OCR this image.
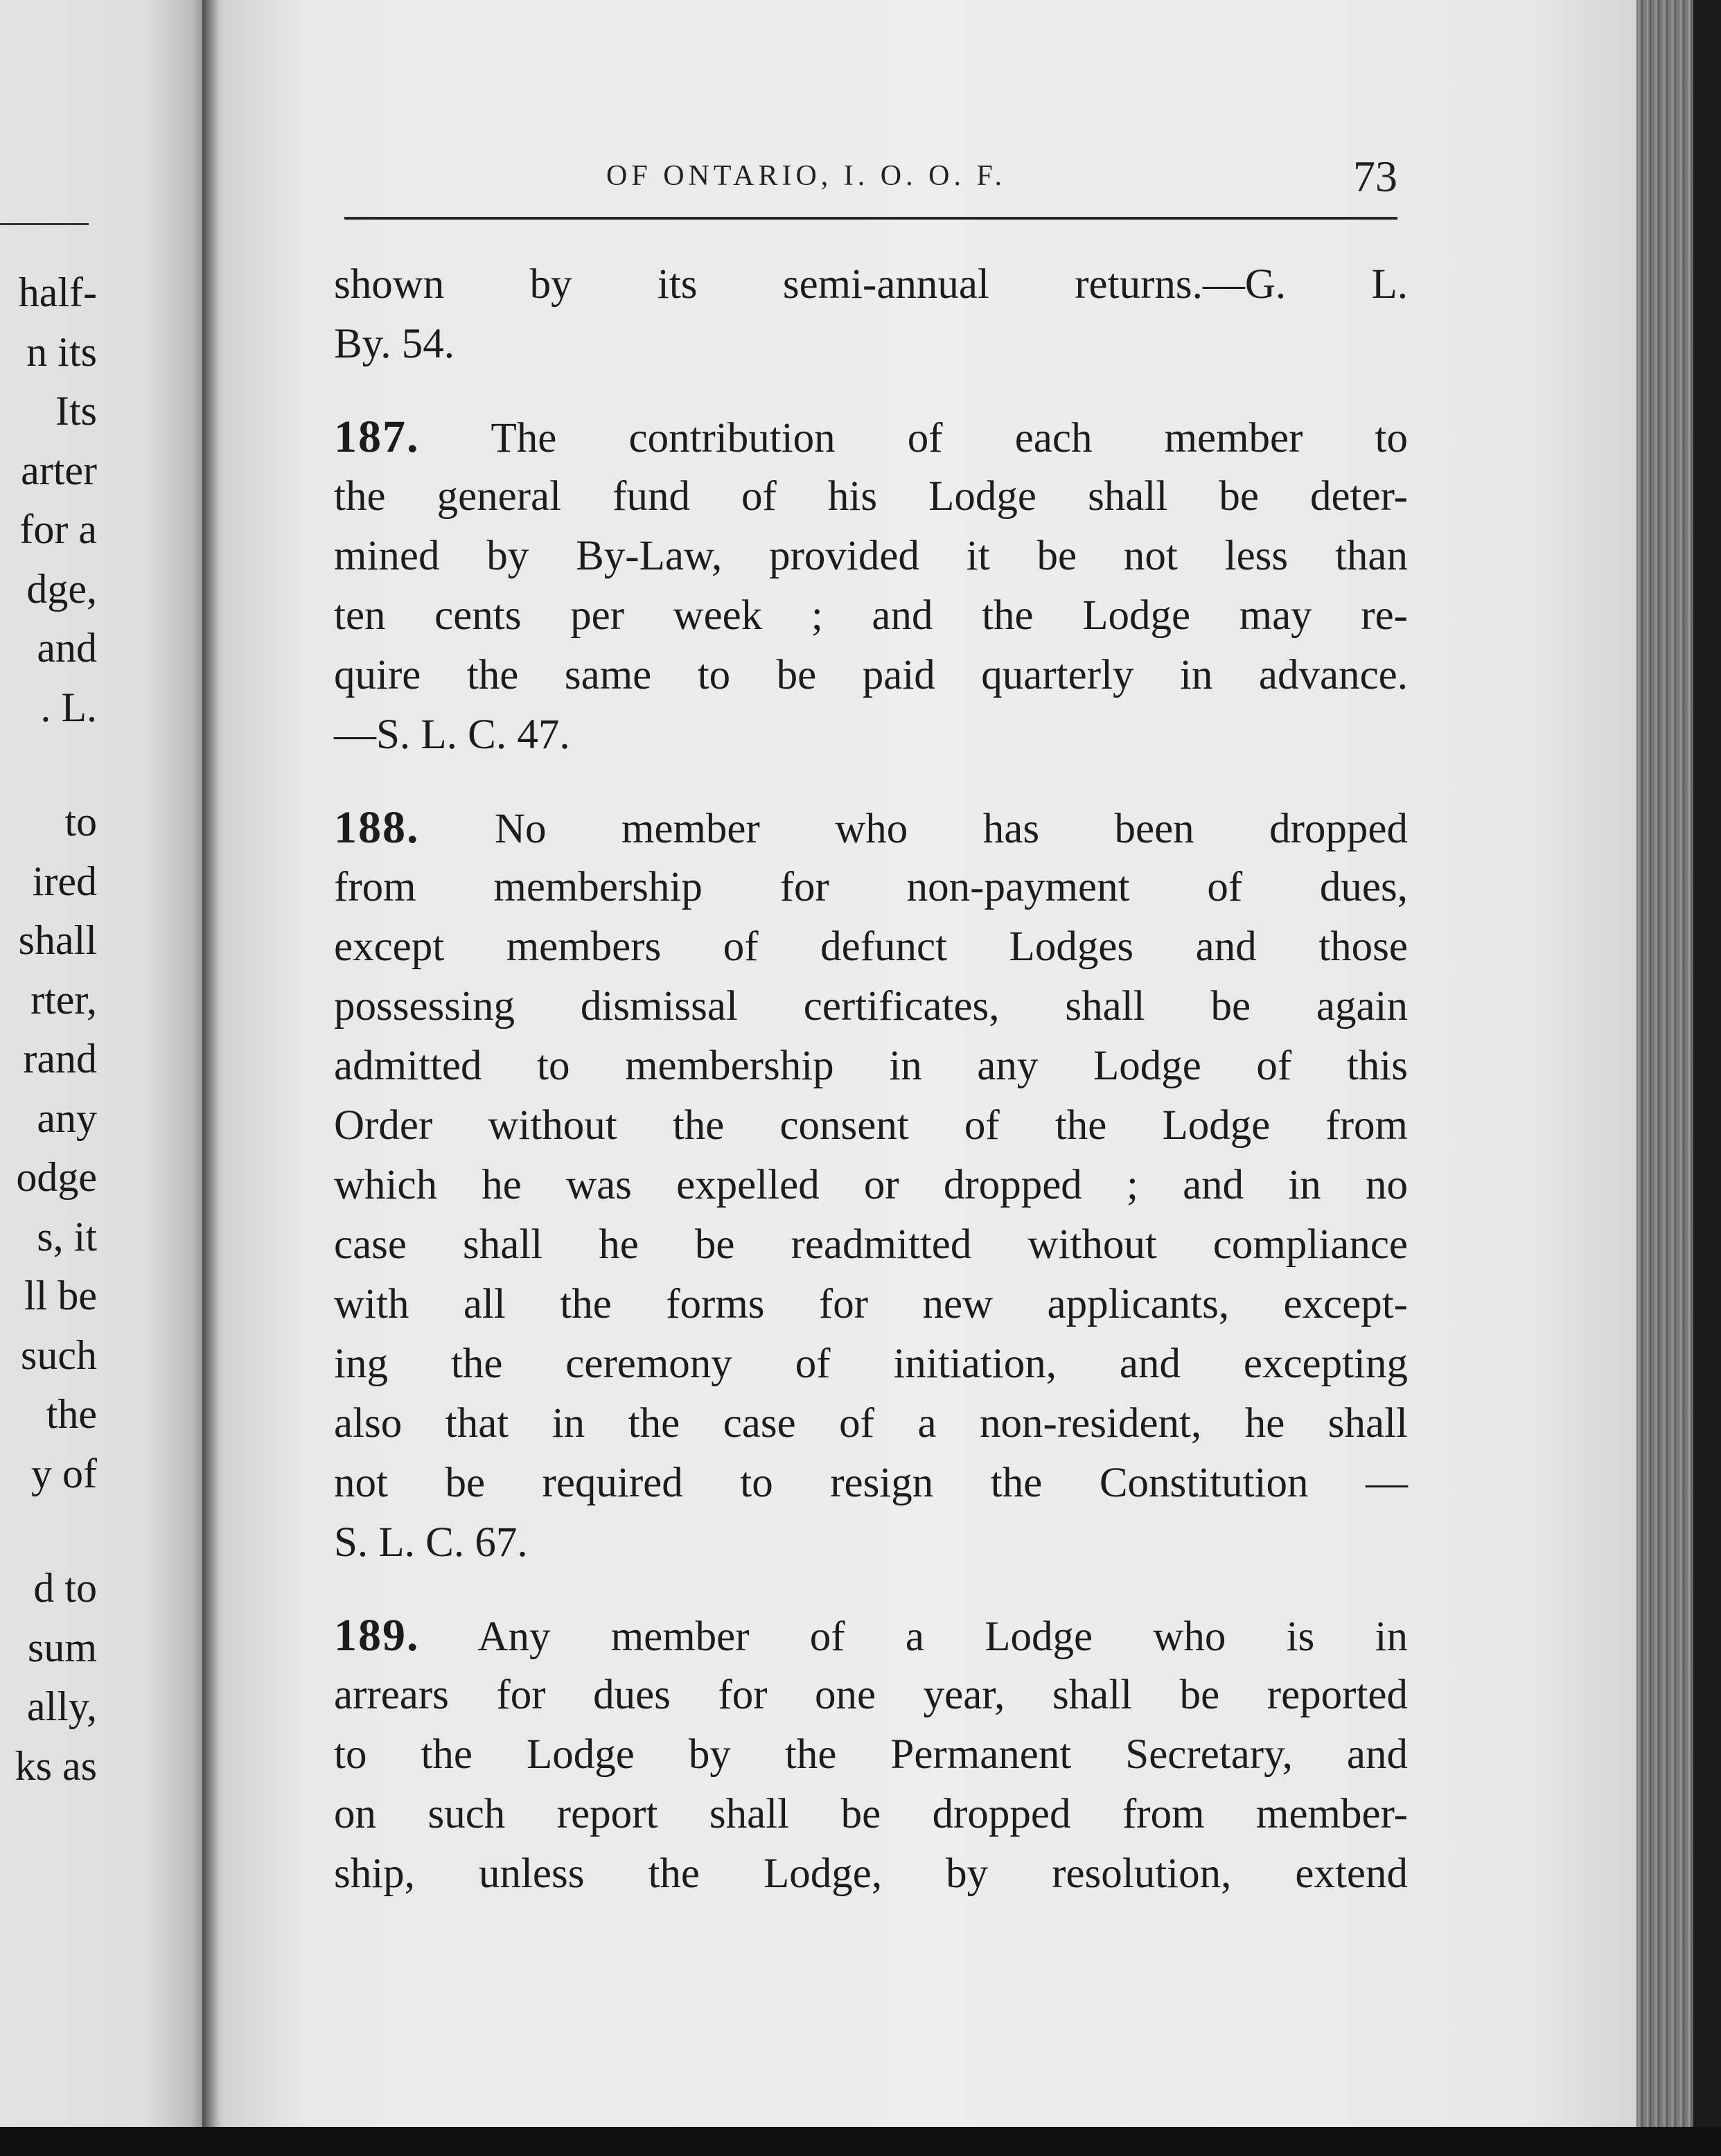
half-
n its
Its
arter
for a
dge,
and
. L.
to
ired
shall
rter,
rand
any
odge
s, it
ll be
such
the
y of
d to
sum
ally,
ks as
OF ONTARIO, I. O. O. F.	73
shown by its semi-annual returns.—G. L.
By. 54.
187. The contribution of each member to
the general fund of his Lodge shall be deter-
mined by By-Law, provided it be not less than
ten cents per week ; and the Lodge may re-
quire the same to be paid quarterly in advance.
—S. L. C. 47.
188. No member who has been dropped
from membership for non-payment of dues,
except members of defunct Lodges and those
possessing dismissal certificates, shall be again
admitted to membership in any Lodge of this
Order without the consent of the Lodge from
which he was expelled or dropped ; and in no
case shall he be readmitted without compliance
with all the forms for new applicants, except-
ing the ceremony of initiation, and excepting
also that in the case of a non-resident, he shall
not be required to resign the Constitution —
S. L. C. 67.
189. Any member of a Lodge who is in
arrears for dues for one year, shall be reported
to the Lodge by the Permanent Secretary, and
on such report shall be dropped from member-
ship, unless the Lodge, by resolution, extend
